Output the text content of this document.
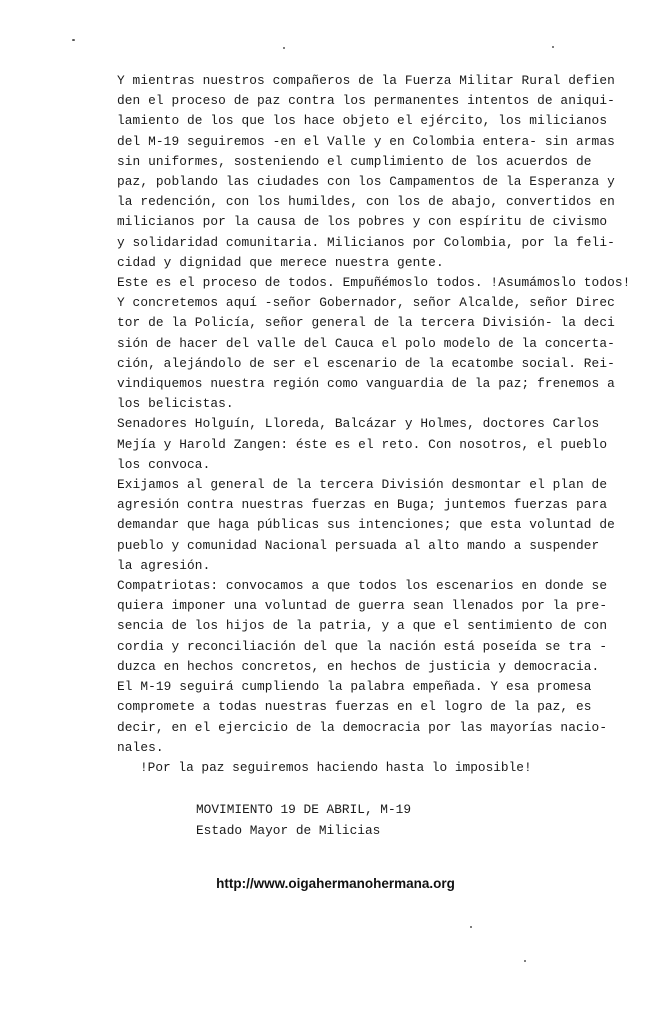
Y mientras nuestros compañeros de la Fuerza Militar Rural defien
den el proceso de paz contra los permanentes intentos de aniqui-
lamiento de los que los hace objeto el ejército, los milicianos
del M-19 seguiremos -en el Valle y en Colombia entera- sin armas
sin uniformes, sosteniendo el cumplimiento de los acuerdos de
paz, poblando las ciudades con los Campamentos de la Esperanza y
la redención, con los humildes, con los de abajo, convertidos en
milicianos por la causa de los pobres y con espíritu de civismo
y solidaridad comunitaria. Milicianos por Colombia, por la feli-
cidad y dignidad que merece nuestra gente.
Este es el proceso de todos. Empuñémoslo todos. !Asumámoslo todos!
Y concretemos aquí -señor Gobernador, señor Alcalde, señor Direc
tor de la Policía, señor general de la tercera División- la deci
sión de hacer del valle del Cauca el polo modelo de la concerta-
ción, alejándolo de ser el escenario de la ecatombe social. Rei-
vindiquemos nuestra región como vanguardia de la paz; frenemos a
los belicistas.
Senadores Holguín, Lloreda, Balcázar y Holmes, doctores Carlos
Mejía y Harold Zangen: éste es el reto. Con nosotros, el pueblo
los convoca.
Exijamos al general de la tercera División desmontar el plan de
agresión contra nuestras fuerzas en Buga; juntemos fuerzas para
demandar que haga públicas sus intenciones; que esta voluntad de
pueblo y comunidad Nacional persuada al alto mando a suspender
la agresión.
Compatriotas: convocamos a que todos los escenarios en donde se
quiera imponer una voluntad de guerra sean llenados por la pre-
sencia de los hijos de la patria, y a que el sentimiento de con
cordia y reconciliación del que la nación está poseída se tra -
duzca en hechos concretos, en hechos de justicia y democracia.
El M-19 seguirá cumpliendo la palabra empeñada. Y esa promesa
compromete a todas nuestras fuerzas en el logro de la paz, es
decir, en el ejercicio de la democracia por las mayorías nacio-
nales.

!Por la paz seguiremos haciendo hasta lo imposible!

MOVIMIENTO 19 DE ABRIL, M-19
Estado Mayor de Milicias
http://www.oigahermanohermana.org
